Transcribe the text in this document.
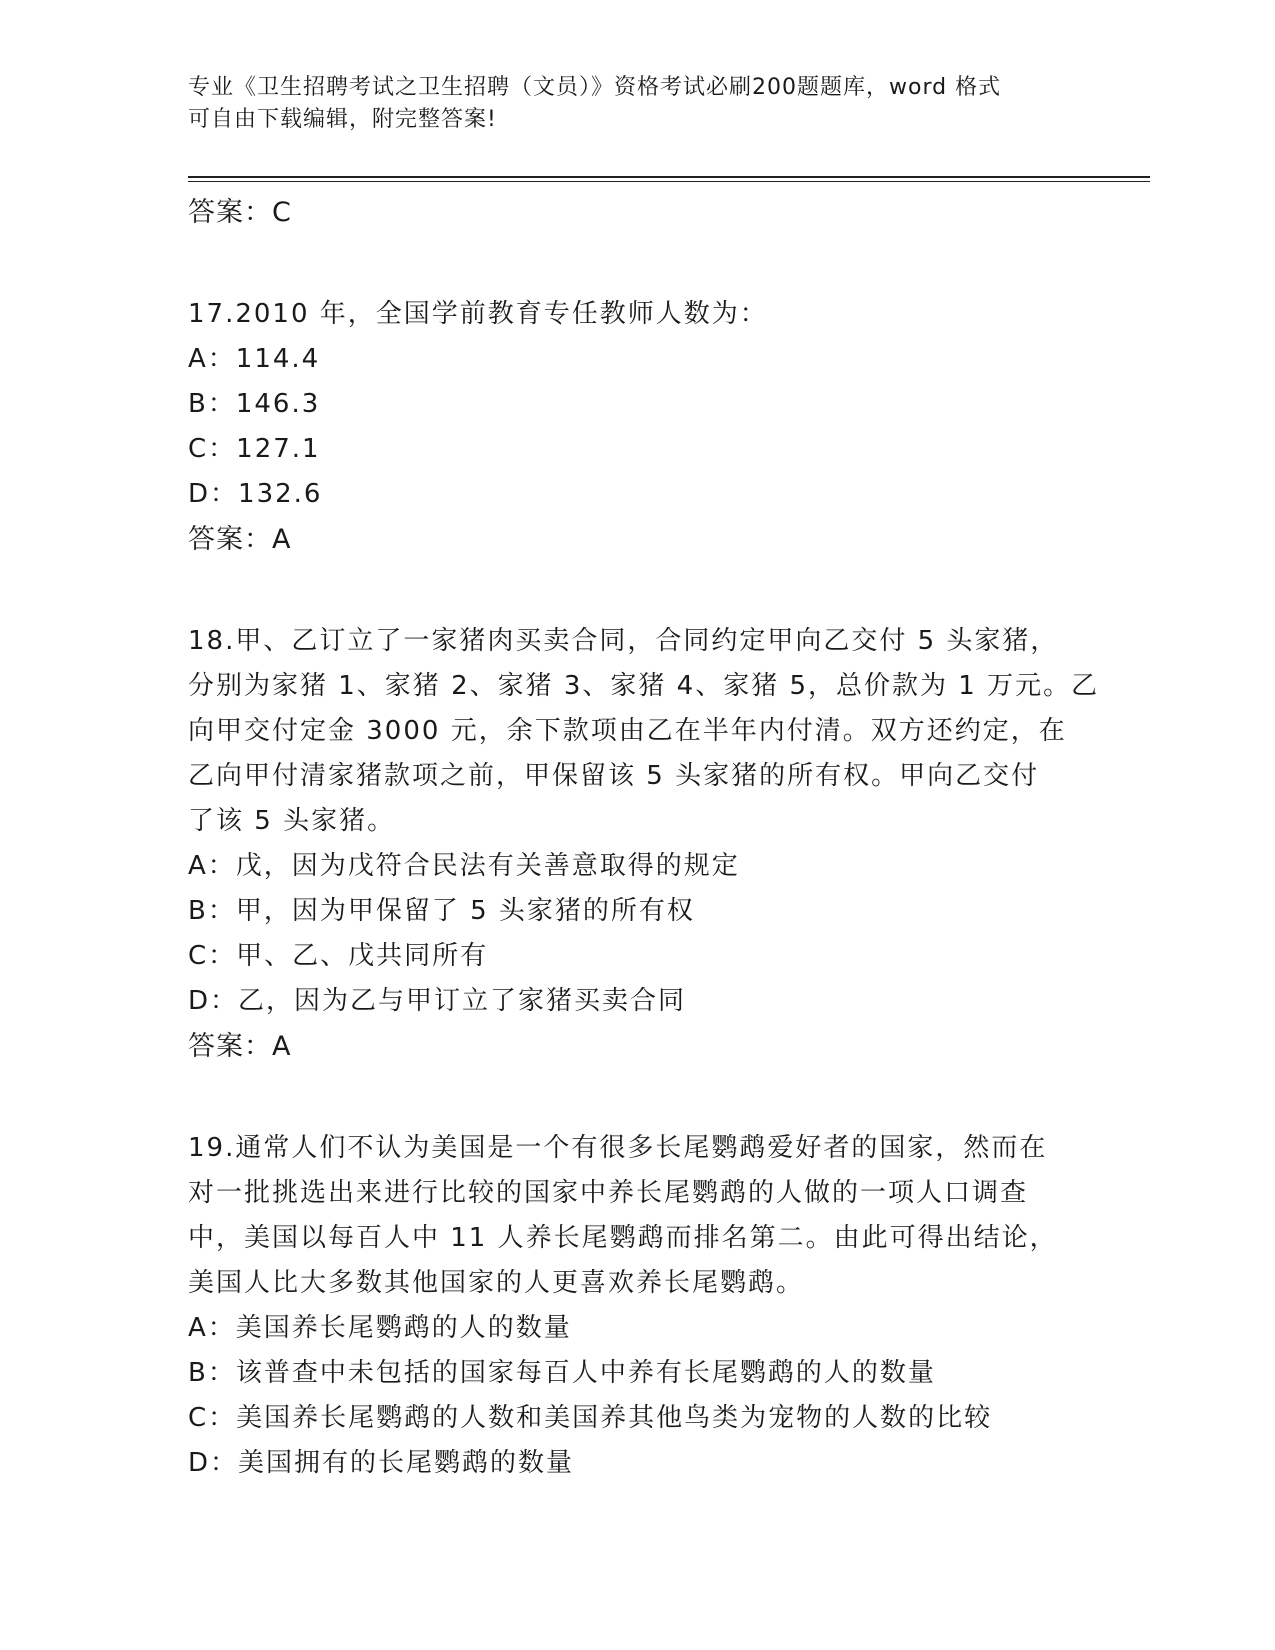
专业《卫生招聘考试之卫生招聘（文员）》资格考试必刷200题题库，word 格式
可自由下载编辑，附完整答案!
答案：C
17.2010 年，全国学前教育专任教师人数为：
A：114.4
B：146.3
C：127.1
D：132.6
答案：A
18.甲、乙订立了一家猪肉买卖合同，合同约定甲向乙交付 5 头家猪，
分别为家猪 1、家猪 2、家猪 3、家猪 4、家猪 5，总价款为 1 万元。乙
向甲交付定金 3000 元，余下款项由乙在半年内付清。双方还约定，在
乙向甲付清家猪款项之前，甲保留该 5 头家猪的所有权。甲向乙交付
了该 5 头家猪。
A：戊，因为戊符合民法有关善意取得的规定
B：甲，因为甲保留了 5 头家猪的所有权
C：甲、乙、戊共同所有
D：乙，因为乙与甲订立了家猪买卖合同
答案：A
19.通常人们不认为美国是一个有很多长尾鹦鹉爱好者的国家，然而在
对一批挑选出来进行比较的国家中养长尾鹦鹉的人做的一项人口调查
中，美国以每百人中 11 人养长尾鹦鹉而排名第二。由此可得出结论，
美国人比大多数其他国家的人更喜欢养长尾鹦鹉。
A：美国养长尾鹦鹉的人的数量
B：该普查中未包括的国家每百人中养有长尾鹦鹉的人的数量
C：美国养长尾鹦鹉的人数和美国养其他鸟类为宠物的人数的比较
D：美国拥有的长尾鹦鹉的数量
